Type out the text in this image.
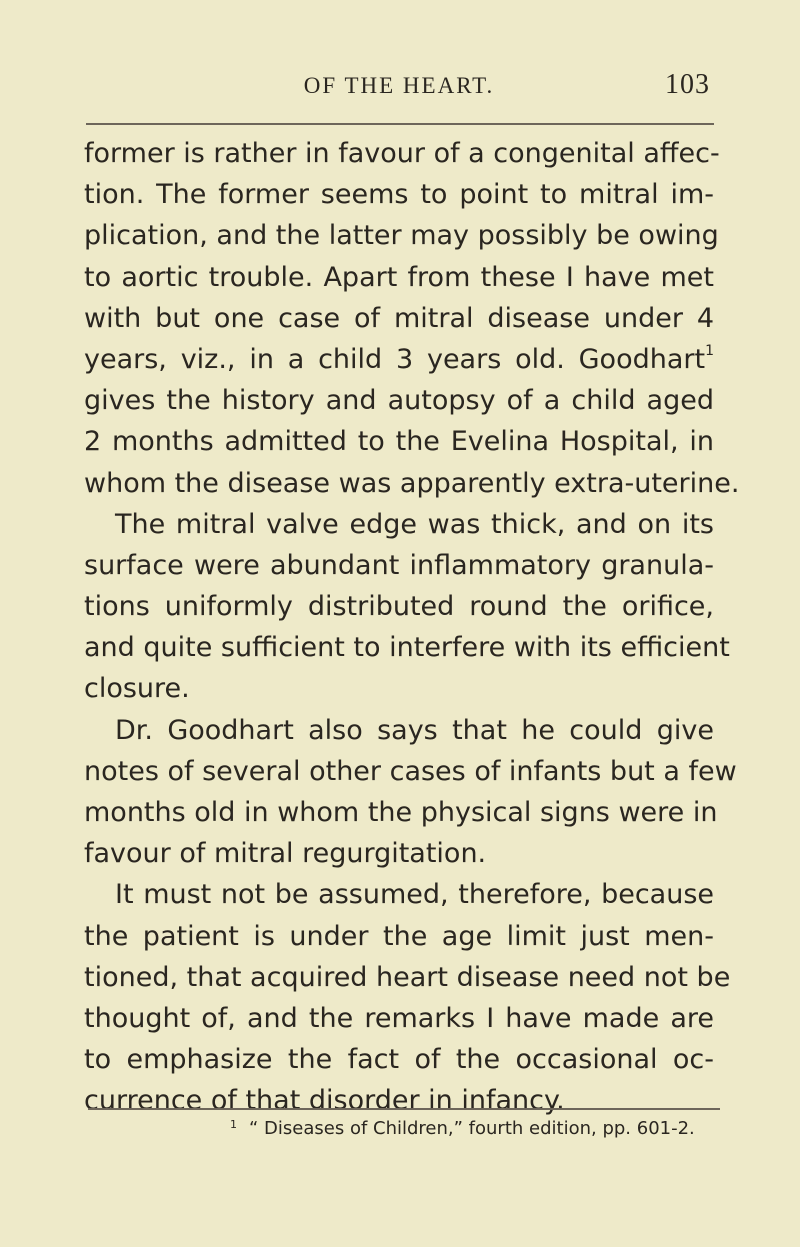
OF THE HEART.	103
former is rather in favour of a congenital affec-
tion. The former seems to point to mitral im-
plication, and the latter may possibly be owing
to aortic trouble. Apart from these I have met
with but one case of mitral disease under 4
years, viz., in a child 3 years old. Goodhart$^1$
gives the history and autopsy of a child aged
2 months admitted to the Evelina Hospital, in
whom the disease was apparently extra-uterine.
The mitral valve edge was thick, and on its
surface were abundant inflammatory granula-
tions uniformly distributed round the orifice,
and quite sufficient to interfere with its efficient
closure.
Dr. Goodhart also says that he could give
notes of several other cases of infants but a few
months old in whom the physical signs were in
favour of mitral regurgitation.
It must not be assumed, therefore, because
the patient is under the age limit just men-
tioned, that acquired heart disease need not be
thought of, and the remarks I have made are
to emphasize the fact of the occasional oc-
currence of that disorder in infancy.
$^1$ “ Diseases of Children,” fourth edition, pp. 601-2.
